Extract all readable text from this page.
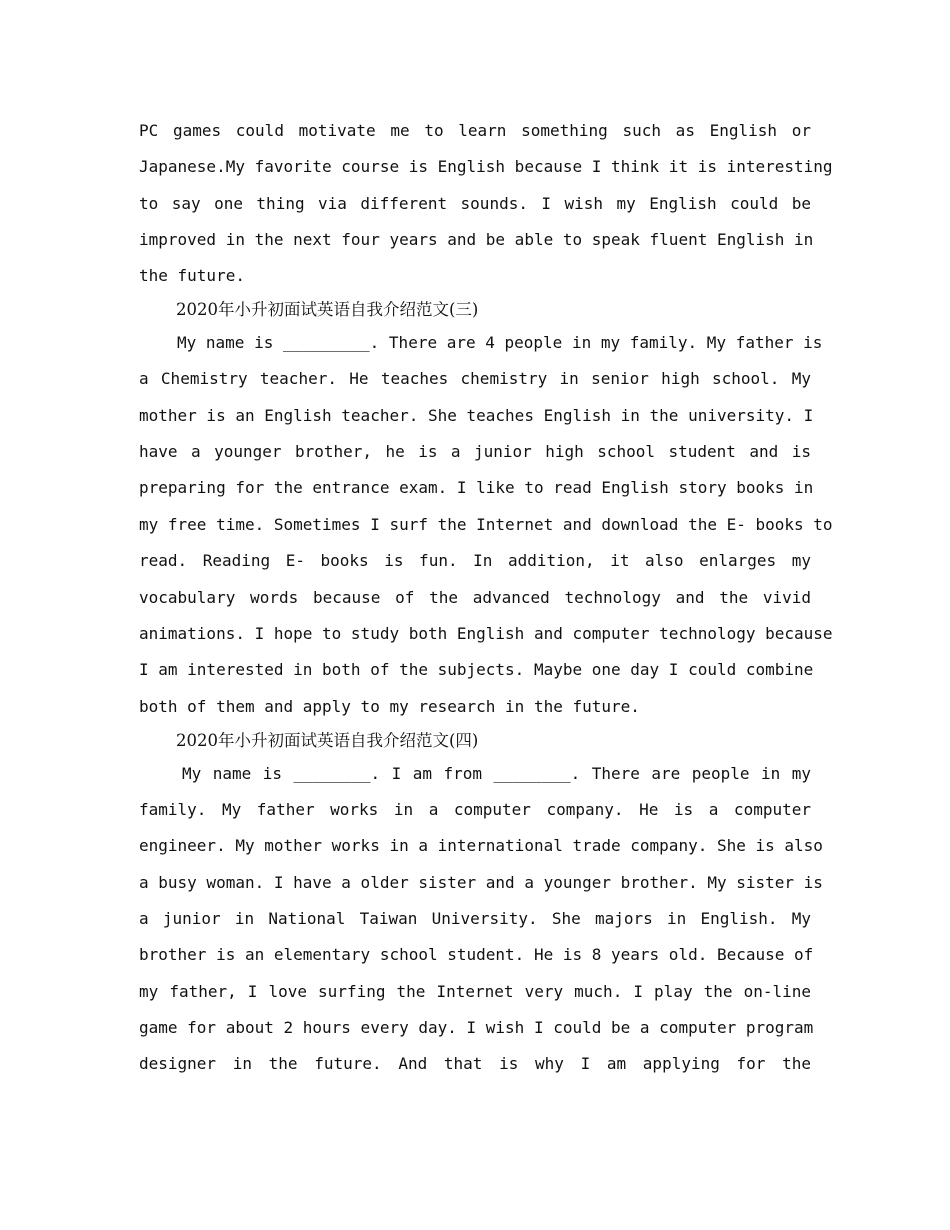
PC games could motivate me to learn something such as English or
Japanese.My favorite course is English because I think it is interesting
to say one thing via different sounds. I wish my English could be
improved in the next four years and be able to speak fluent English in
the future.
2020年小升初面试英语自我介绍范文(三)
My name is _________. There are 4 people in my family. My father is
a Chemistry teacher. He teaches chemistry in senior high school. My
mother is an English teacher. She teaches English in the university. I
have a younger brother, he is a junior high school student and is
preparing for the entrance exam. I like to read English story books in
my free time. Sometimes I surf the Internet and download the E- books to
read. Reading E- books is fun. In addition, it also enlarges my
vocabulary words because of the advanced technology and the vivid
animations. I hope to study both English and computer technology because
I am interested in both of the subjects. Maybe one day I could combine
both of them and apply to my research in the future.
2020年小升初面试英语自我介绍范文(四)
My name is ________. I am from ________. There are people in my
family. My father works in a computer company. He is a computer
engineer. My mother works in a international trade company. She is also
a busy woman. I have a older sister and a younger brother. My sister is
a junior in National Taiwan University. She majors in English. My
brother is an elementary school student. He is 8 years old. Because of
my father, I love surfing the Internet very much. I play the on-line
game for about 2 hours every day. I wish I could be a computer program
designer in the future. And that is why I am applying for the
